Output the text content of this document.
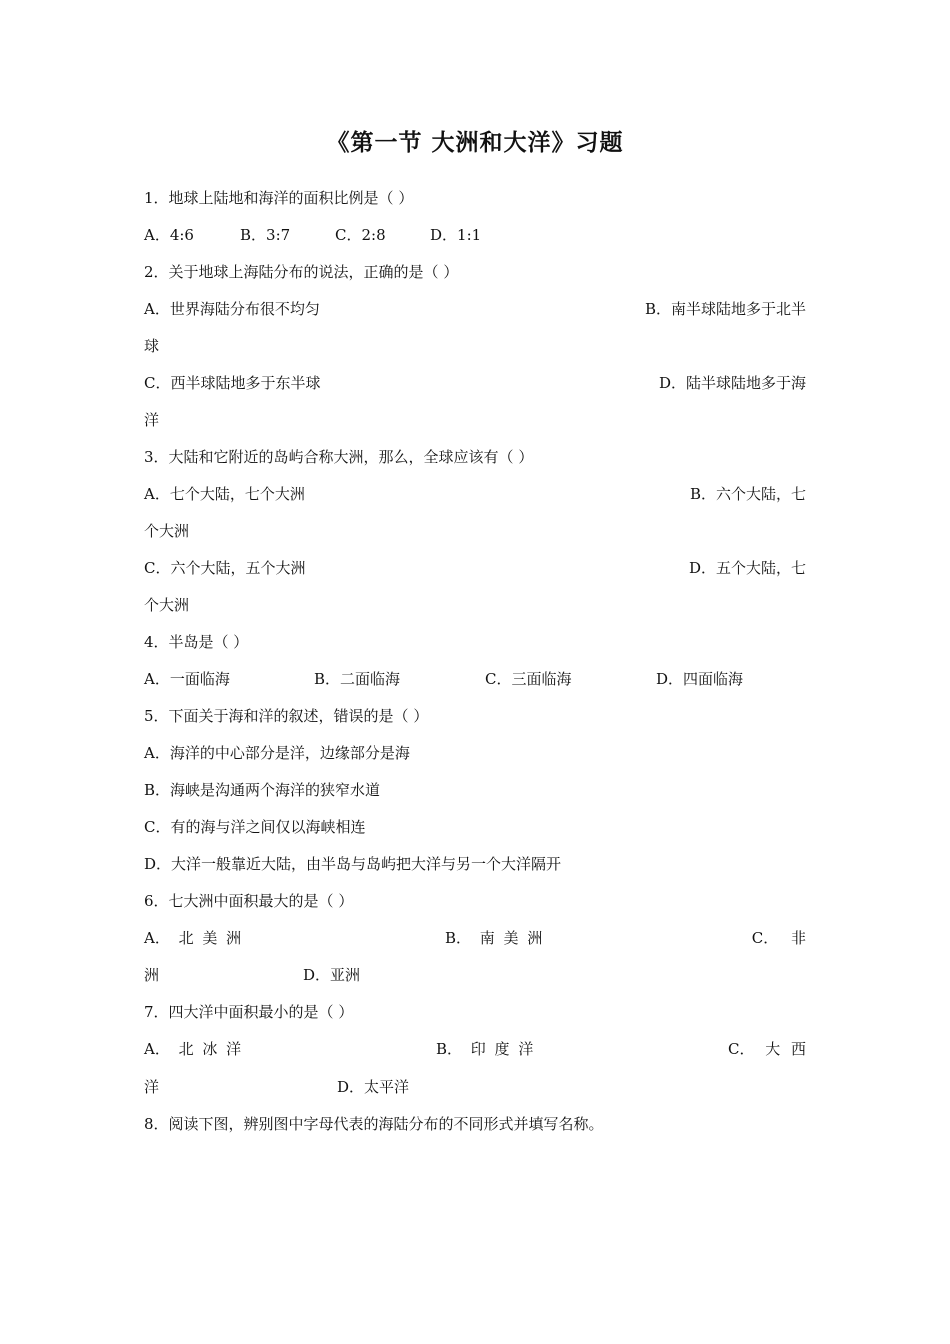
《第一节 大洲和大洋》习题
1．地球上陆地和海洋的面积比例是（ ）
A．4:6	B．3:7	C．2:8	D．1:1
2．关于地球上海陆分布的说法，正确的是（ ）
A．世界海陆分布很不均匀	B．南半球陆地多于北半
球
C．西半球陆地多于东半球	D．陆半球陆地多于海
洋
3．大陆和它附近的岛屿合称大洲，那么，全球应该有（ ）
A．七个大陆，七个大洲	B．六个大陆，七
个大洲
C．六个大陆，五个大洲	D．五个大陆，七
个大洲
4．半岛是（ ）
A．一面临海	B．二面临海	C．三面临海	D．四面临海
5．下面关于海和洋的叙述，错误的是（ ）
A．海洋的中心部分是洋，边缘部分是海
B．海峡是沟通两个海洋的狭窄水道
C．有的海与洋之间仅以海峡相连
D．大洋一般靠近大陆，由半岛与岛屿把大洋与另一个大洋隔开
6．七大洲中面积最大的是（ ）
A． 北 美 洲	B． 南 美 洲	C． 非
洲	D．亚洲
7．四大洋中面积最小的是（ ）
A． 北 冰 洋	B． 印 度 洋	C． 大 西
洋	D．太平洋
8．阅读下图，辨别图中字母代表的海陆分布的不同形式并填写名称。
